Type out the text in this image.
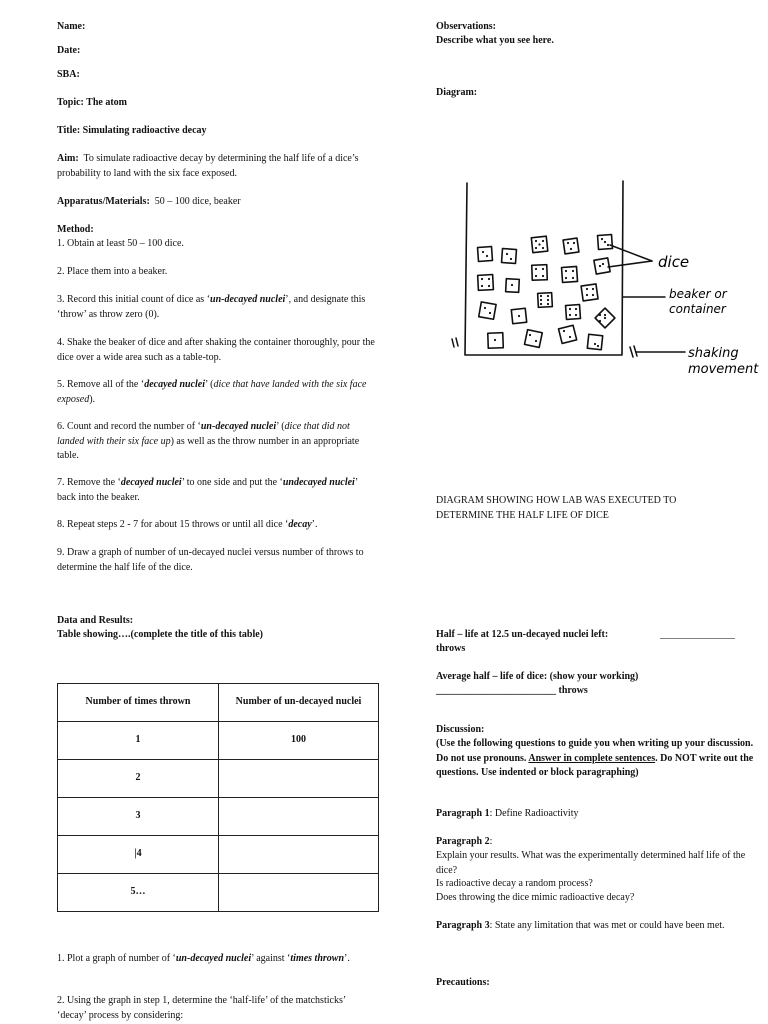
Name:

Date:

SBA:

Topic: The atom

Title: Simulating radioactive decay

Aim: To simulate radioactive decay by determining the half life of a dice’s probability to land with the six face exposed.

Apparatus/Materials: 50 – 100 dice, beaker

Method:

1. Obtain at least 50 – 100 dice.

2. Place them into a beaker.

3. Record this initial count of dice as ‘un-decayed nuclei’, and designate this ‘throw’ as throw zero (0).

4. Shake the beaker of dice and after shaking the container thoroughly, pour the dice over a wide area such as a table-top.

5. Remove all of the ‘decayed nuclei’ (dice that have landed with the six face exposed).

6. Count and record the number of ‘un-decayed nuclei’ (dice that did not landed with their six face up) as well as the throw number in an appropriate table.

7. Remove the ‘decayed nuclei’ to one side and put the ‘undecayed nuclei’ back into the beaker.

8. Repeat steps 2 - 7 for about 15 throws or until all dice ‘decay’.

9. Draw a graph of number of un-decayed nuclei versus number of throws to determine the half life of the dice.

Data and Results:

Table showing….(complete the title of this table)

1. Plot a graph of number of ‘un-decayed nuclei’ against ‘times thrown’.

2. Using the graph in step 1, determine the ‘half-life’ of the matchsticks’ ‘decay’ process by considering:

Number of times thrown	Number of un-decayed nuclei
1	100
2	
3	
|4	
5…	

Observations:

Describe what you see here.

Diagram:

DIAGRAM SHOWING HOW LAB WAS EXECUTED TO DETERMINE THE HALF LIFE OF DICE

Half – life at 12.5 un-decayed nuclei left:	_______________

throws

Average half – life of dice: (show your working)

________________________ throws

Discussion:

(Use the following questions to guide you when writing up your discussion. Do not use pronouns. Answer in complete sentences. Do NOT write out the questions. Use indented or block paragraphing)

Paragraph 1: Define Radioactivity

Paragraph 2:

Explain your results. What was the experimentally determined half life of the dice?

Is radioactive decay a random process?

Does throwing the dice mimic radioactive decay?

Paragraph 3: State any limitation that was met or could have been met.

Precautions:

dice
beaker or
container
shaking
movement
